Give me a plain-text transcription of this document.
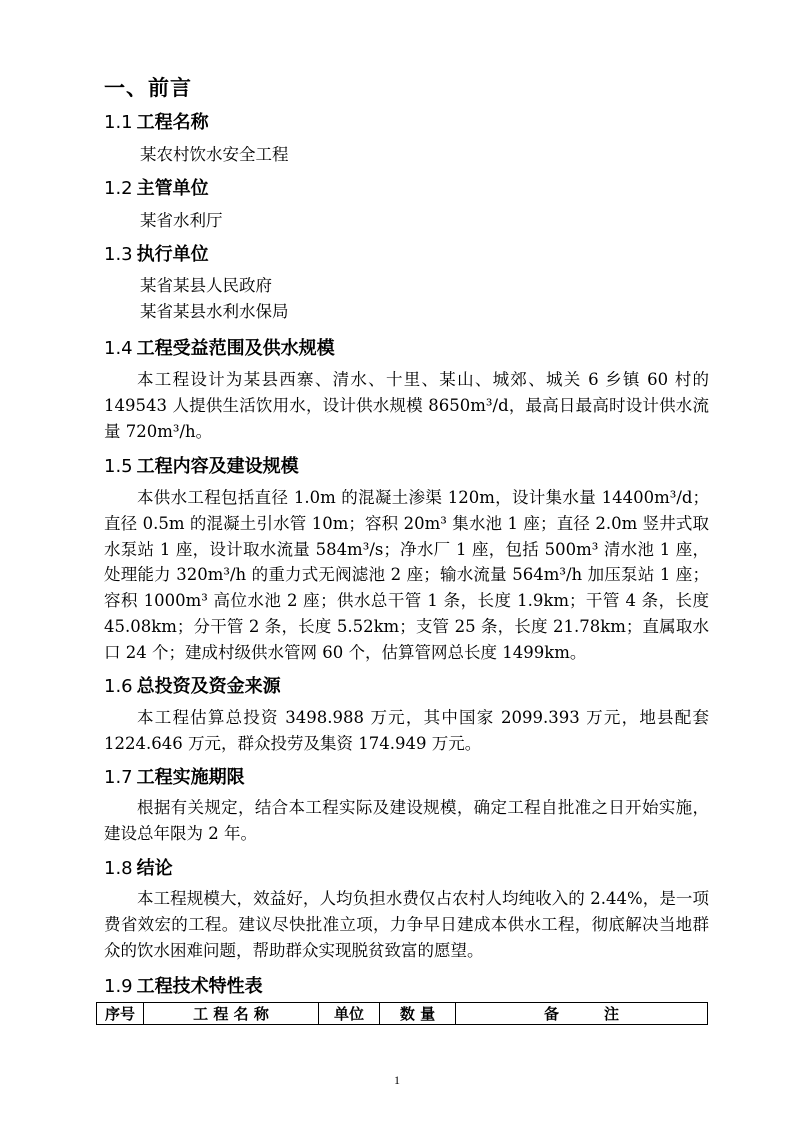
一、前言
1.1 工程名称
某农村饮水安全工程
1.2 主管单位
某省水利厅
1.3 执行单位
某省某县人民政府
某省某县水利水保局
1.4 工程受益范围及供水规模
本工程设计为某县西寨、清水、十里、某山、城郊、城关 6 乡镇 60 村的 149543 人提供生活饮用水，设计供水规模 8650m³/d，最高日最高时设计供水流量 720m³/h。
1.5 工程内容及建设规模
本供水工程包括直径 1.0m 的混凝土渗渠 120m，设计集水量 14400m³/d；直径 0.5m 的混凝土引水管 10m；容积 20m³ 集水池 1 座；直径 2.0m 竖井式取水泵站 1 座，设计取水流量 584m³/s；净水厂 1 座，包括 500m³ 清水池 1 座，处理能力 320m³/h 的重力式无阀滤池 2 座；输水流量 564m³/h 加压泵站 1 座；容积 1000m³ 高位水池 2 座；供水总干管 1 条，长度 1.9km；干管 4 条，长度 45.08km；分干管 2 条，长度 5.52km；支管 25 条，长度 21.78km；直属取水口 24 个；建成村级供水管网 60 个，估算管网总长度 1499km。
1.6 总投资及资金来源
本工程估算总投资 3498.988 万元，其中国家 2099.393 万元，地县配套 1224.646 万元，群众投劳及集资 174.949 万元。
1.7 工程实施期限
根据有关规定，结合本工程实际及建设规模，确定工程自批准之日开始实施，建设总年限为 2 年。
1.8 结论
本工程规模大，效益好，人均负担水费仅占农村人均纯收入的 2.44%，是一项费省效宏的工程。建议尽快批准立项，力争早日建成本供水工程，彻底解决当地群众的饮水困难问题，帮助群众实现脱贫致富的愿望。
1.9 工程技术特性表
序号	工 程 名 称	单位	数 量	备　　　注
1
